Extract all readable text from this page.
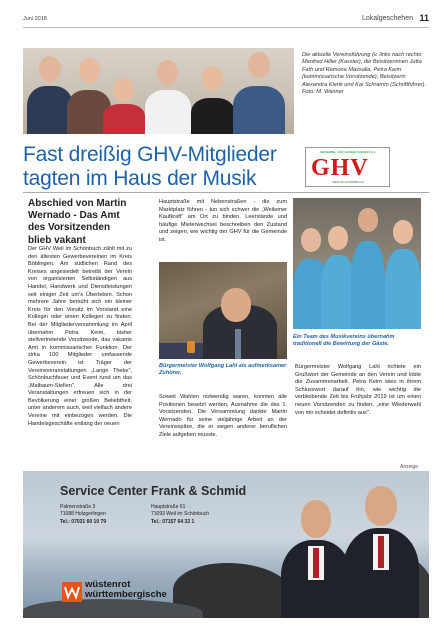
Juni 2018	Lokalgeschehen 11
Die aktuelle Vereinsführung (v. links nach rechts: Manfred Hiller (Kassier), die Beisitzerinnen Jutta Fath und Ramona Massalla, Petra Keim (kommissarische Vorsitzende), Beisitzerin Alexandra Klenk und Kai Schramm (Schriftführer). Foto: M. Wanner
Fast dreißig GHV-Mitglieder tagten im Haus der Musik
GEWERBE- UND HANDELSVEREIN E.V.
GHV
WEIL IM SCHÖNBUCH
Abschied von Martin Wernado - Das Amt des Vorsitzenden blieb vakant

Der GHV Weil im Schönbuch zählt mit zu den ältesten Gewerbevereinen im Kreis Böblingen. Am südlichen Rand des Kreises angesiedelt betreibt der Verein von organisierten Selbständigen aus Handel, Handwerk und Dienstleistungen seit einiger Zeit um's Überleben. Schon mehrere Jahre bemüht sich ein kleiner Kreis für den Vorsitz im Vorstand eine Kollegin oder einen Kollegen zu finden. Bei der Mitgliederversammlung im April übernahm Petra Keim, bisher stellvertretende Vorsitzende, das vakante Amt in kommissarischer Funktion. Der zirka 100 Mitglieder umfassende Gewerbeverein ist Träger der Vereinsveranstaltungen „Lange Theke", Schönbuchfeuer und Event rund um das „Maibaum-Stellen". Alle drei Veranstaltungen erfreuen sich in der Bevölkerung einer großen Beliebtheit, unter anderem auch, weil vielfach andere Vereine mit einbezogen werden. Die Handelsgeschäfte entlang der neuen

Hauptstraße mit Nebenstraßen - die zum Marktplatz führen - tun sich schwer die „Weilemer Kaufkraft" am Ort zu binden. Leerstände und häufige Mieterwechsel beschreiben den Zustand und zeigen, wie wichtig der GHV für die Gemeinde ist.

Bürgermeister Wolfgang Lahl als aufmerksamer Zuhörer.

Soweit Wahlen notwendig waren, konnten alle Positionen besetzt werden, Ausnahme die des 1. Vorsitzenden. Die Versammlung dankte Martin Wernado für seine vieljährige Arbeit an der Vereinsspitze, die er wegen anderer beruflichen Ziele aufgeben musste.

Ein Team des Musikvereins übernahm traditionell die Bewirtung der Gäste.

Bürgermeister Wolfgang Lahl richtete ein Grußwort der Gemeinde an den Verein und lobte die Zusammenarbeit. Petra Keim wies in ihrem Schlusswort darauf hin, wie wichtig die verbleibende Zeit bis Frühjahr 2019 ist um einen neuen Vorsitzenden zu finden, „eine Wiederwahl von mir scheidet definitiv aus".

Anzeige
Service Center Frank & Schmid
Palmenstraße 3
71088 Holzgerlingen
Tel.: 07031 60 10 79
Hauptstraße 61
71093 Weil im Schönbuch
Tel.: 07157 64 32 1
wüstenrot
württembergische
